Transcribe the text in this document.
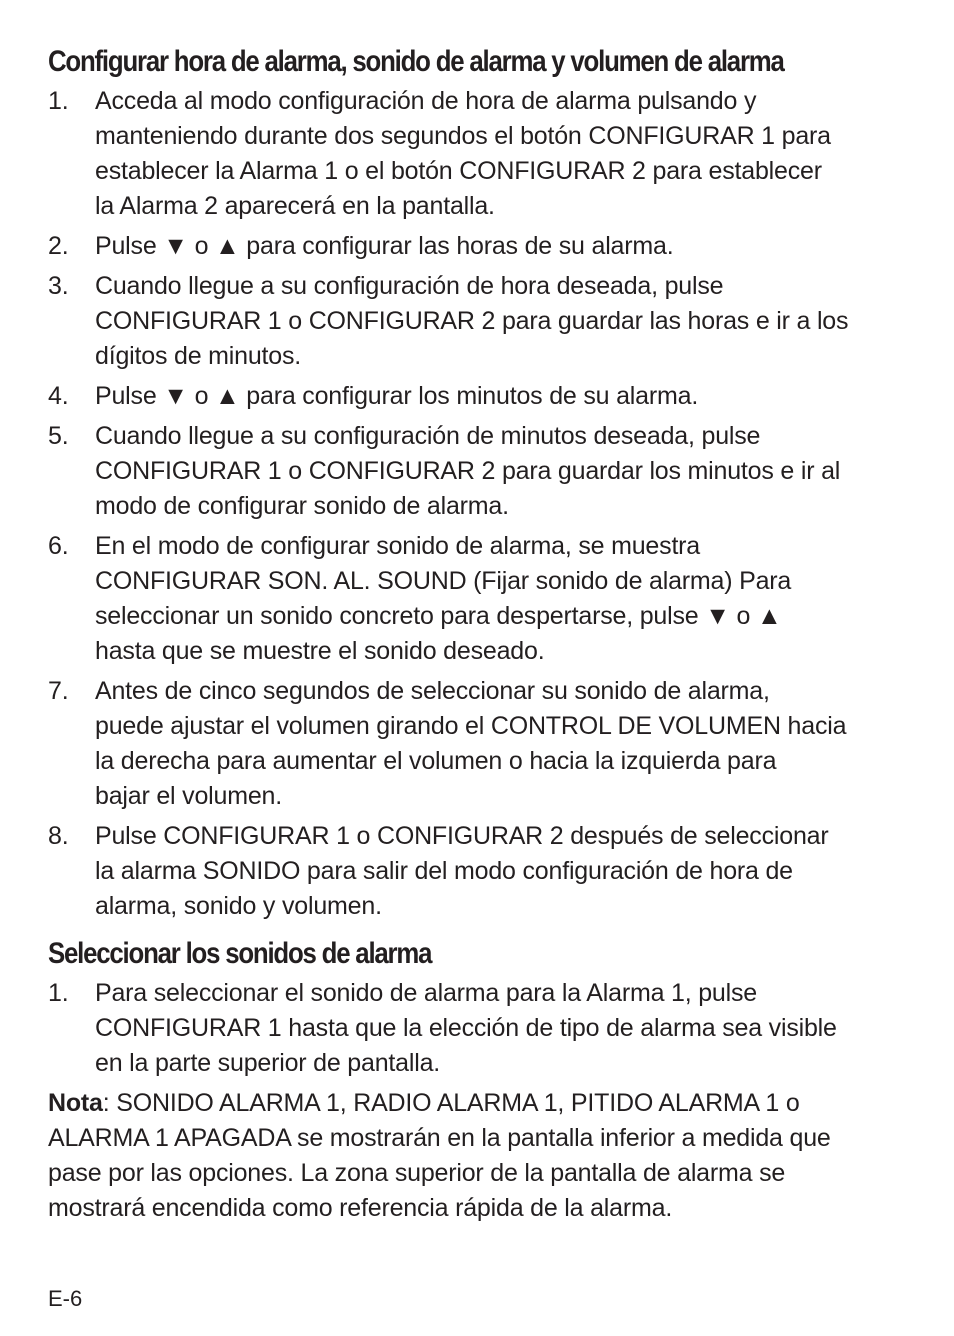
Configurar hora de alarma, sonido de alarma y volumen de alarma
1.	Acceda al modo configuración de hora de alarma pulsando y
manteniendo durante dos segundos el botón CONFIGURAR 1 para
establecer la Alarma 1 o el botón CONFIGURAR 2 para establecer
la Alarma 2 aparecerá en la pantalla.
2.	Pulse ▼ o ▲ para configurar las horas de su alarma.
3.	Cuando llegue a su configuración de hora deseada, pulse
CONFIGURAR 1 o CONFIGURAR 2 para guardar las horas e ir a los
dígitos de minutos.
4.	Pulse ▼ o ▲ para configurar los minutos de su alarma.
5.	Cuando llegue a su configuración de minutos deseada, pulse
CONFIGURAR 1 o CONFIGURAR 2 para guardar los minutos e ir al
modo de configurar sonido de alarma.
6.	En el modo de configurar sonido de alarma, se muestra
CONFIGURAR SON. AL. SOUND (Fijar sonido de alarma) Para
seleccionar un sonido concreto para despertarse, pulse ▼ o ▲
hasta que se muestre el sonido deseado.
7.	Antes de cinco segundos de seleccionar su sonido de alarma,
puede ajustar el volumen girando el CONTROL DE VOLUMEN hacia
la derecha para aumentar el volumen o hacia la izquierda para
bajar el volumen.
8.	Pulse CONFIGURAR 1 o CONFIGURAR 2 después de seleccionar
la alarma SONIDO para salir del modo configuración de hora de
alarma, sonido y volumen.
Seleccionar los sonidos de alarma
1.	Para seleccionar el sonido de alarma para la Alarma 1, pulse
CONFIGURAR 1 hasta que la elección de tipo de alarma sea visible
en la parte superior de pantalla.

Nota: SONIDO ALARMA 1, RADIO ALARMA 1, PITIDO ALARMA 1 o
ALARMA 1 APAGADA se mostrarán en la pantalla inferior a medida que
pase por las opciones. La zona superior de la pantalla de alarma se
mostrará encendida como referencia rápida de la alarma.

E-6
